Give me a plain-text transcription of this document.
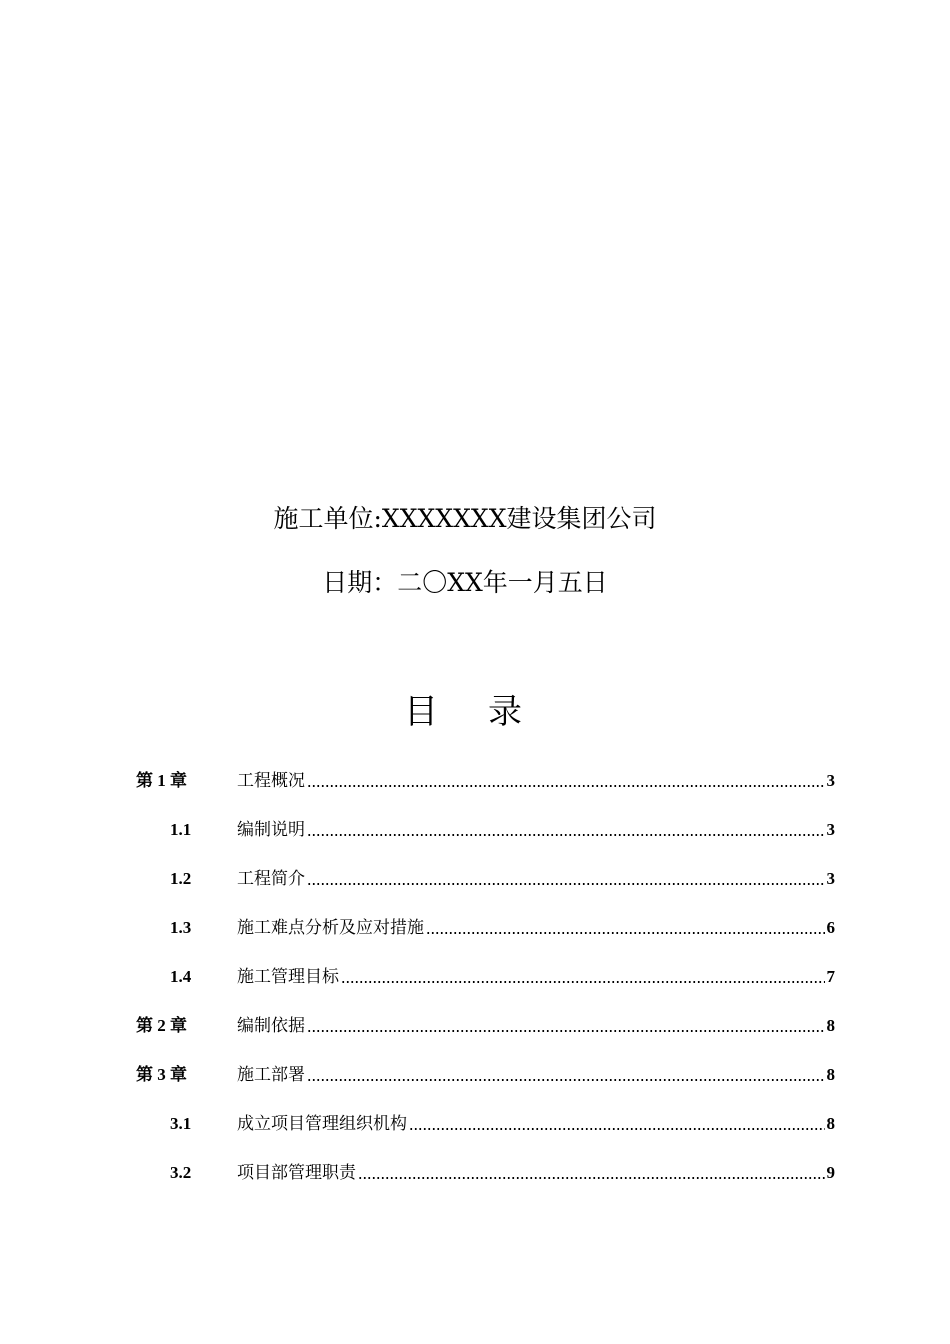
施工单位:XXXXXXX建设集团公司
日期：二〇XX年一月五日
目录
第 1 章	工程概况	3
1.1	编制说明	3
1.2	工程简介	3
1.3	施工难点分析及应对措施	6
1.4	施工管理目标	7
第 2 章	编制依据	8
第 3 章	施工部署	8
3.1	成立项目管理组织机构	8
3.2	项目部管理职责	9
